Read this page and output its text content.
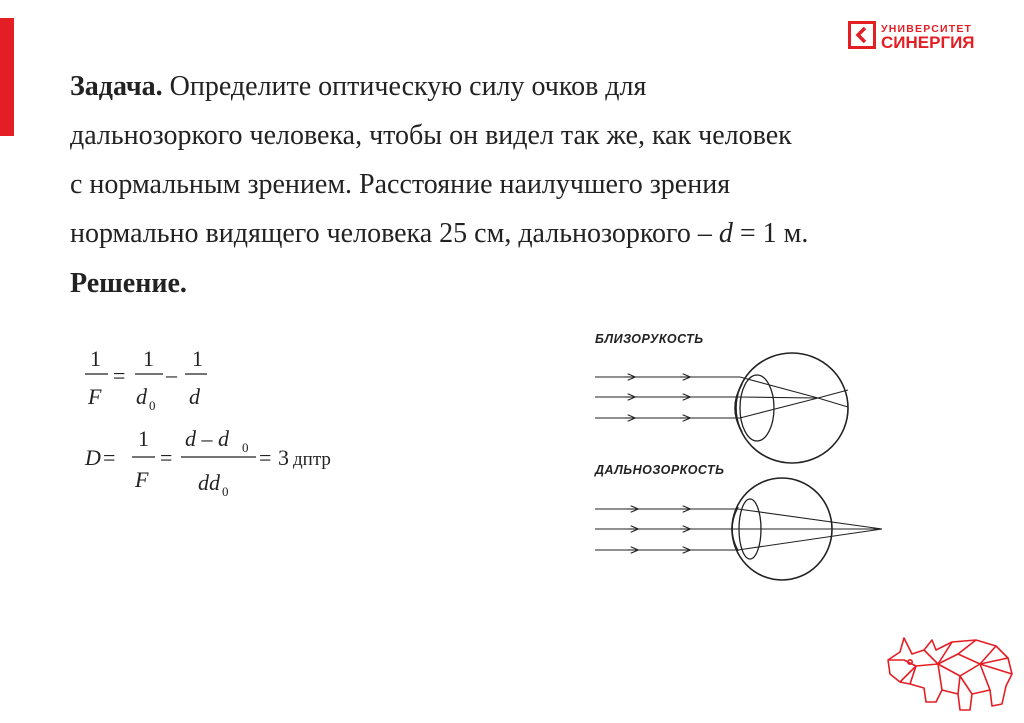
УНИВЕРСИТЕТ
СИНЕРГИЯ
Задача. Определите оптическую силу очков для
дальнозоркого человека, чтобы он видел так же, как человек
с нормальным зрением. Расстояние наилучшего зрения
нормально видящего человека 25 см, дальнозоркого – d = 1 м.
Решение.
1
F
=
1
d 0
–
1
d
D =
1
F
=
d – d 0
dd 0
= 3 дптр
БЛИЗОРУКОСТЬ
ДАЛЬНОЗОРКОСТЬ
